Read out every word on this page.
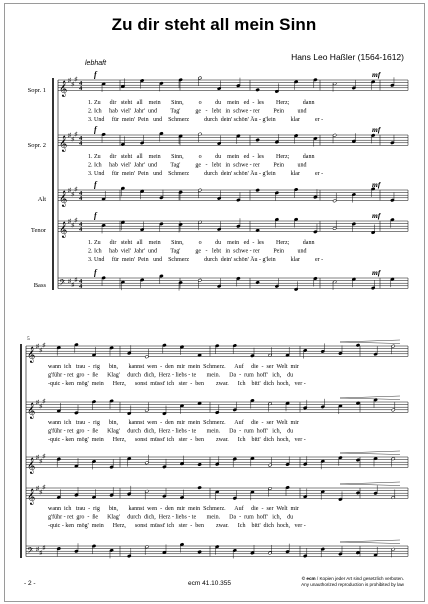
Zu dir steht all mein Sinn
Hans Leo Haßler (1564-1612)
lebhaft
Sopr. 1
Sopr. 2
Alt
Tenor
Bass
𝄞
♯
♯
♯ 4
4
𝄞
♯
♯
♯ 4
4
𝄞
♯
♯
♯ 4
4
𝄞
♯
♯
♯ 4
4
𝄢 ♯
♯
♯ 4
4
f
f
f
f
f
mf
mf
mf
mf
mf
5
𝄞
♯
♯
♯
𝄞
♯
♯
♯
𝄞
♯
♯
♯
𝄞
♯
♯
♯
𝄢 ♯
♯
♯
1. Zu      dir   steht   all    mein       Sinn,          o         du    mein   ed  -  les        Herz;         dann
2. Ich     hab  viel'  Jahr'  und         Tag'          ge   -   lebt   in  schwe - rer         Pein         und
3. Und     für  mein'  Pein   und    Schmerz          durch  dein' schön' Äu - g'lein          klar          er -
1. Zu      dir   steht   all    mein       Sinn,          o         du    mein   ed  -  les        Herz;         dann
2. Ich     hab  viel'  Jahr'  und         Tag'          ge   -   lebt   in  schwe - rer         Pein         und
3. Und     für  mein'  Pein   und    Schmerz          durch  dein' schön' Äu - g'lein          klar          er -
1. Zu      dir   steht   all    mein       Sinn,          o         du    mein   ed  -  les        Herz;         dann
2. Ich     hab  viel'  Jahr'  und         Tag'          ge   -   lebt   in  schwe - rer         Pein         und
3. Und     für  mein'  Pein   und    Schmerz          durch  dein' schön' Äu - g'lein          klar          er -
wann  ich   trau  -  rig      bin,       kannst  wen  -  den  mir  mein  Schmerz.      Auf     die  -  ser  Welt  mir
g'führ - ret  gro  -  ße      Klag'     durch  dich,  Herz - liebs - te       mein.      Da  -  rum  hoff'   ich,    du
-quic - ken  mög'  mein      Herz,      sonst  müsst' ich   ster  -  ben        zwar.      Ich    bitt'  dich  hoch,   ver -
wann  ich   trau  -  rig      bin,       kannst  wen  -  den  mir  mein  Schmerz.      Auf     die  -  ser  Welt  mir
g'führ - ret  gro  -  ße      Klag'     durch  dich,  Herz - liebs - te       mein.      Da  -  rum  hoff'   ich,    du
-quic - ken  mög'  mein      Herz,      sonst  müsst' ich   ster  -  ben        zwar.      Ich    bitt'  dich  hoch,   ver -
wann  ich   trau  -  rig      bin,       kannst  wen  -  den  mir  mein  Schmerz.      Auf     die  -  ser  Welt  mir
g'führ - ret  gro  -  ße      Klag'     durch  dich,  Herz - liebs - te       mein.      Da  -  rum  hoff'   ich,    du
-quic - ken  mög'  mein      Herz,      sonst  müsst' ich   ster  -  ben        zwar.      Ich    bitt'  dich  hoch,   ver -
- 2 -	ecm 41.10.355
© ecm / Kopien jeder Art sind gesetzlich verboten.
Any unauthorized reproduction is prohibited by law
